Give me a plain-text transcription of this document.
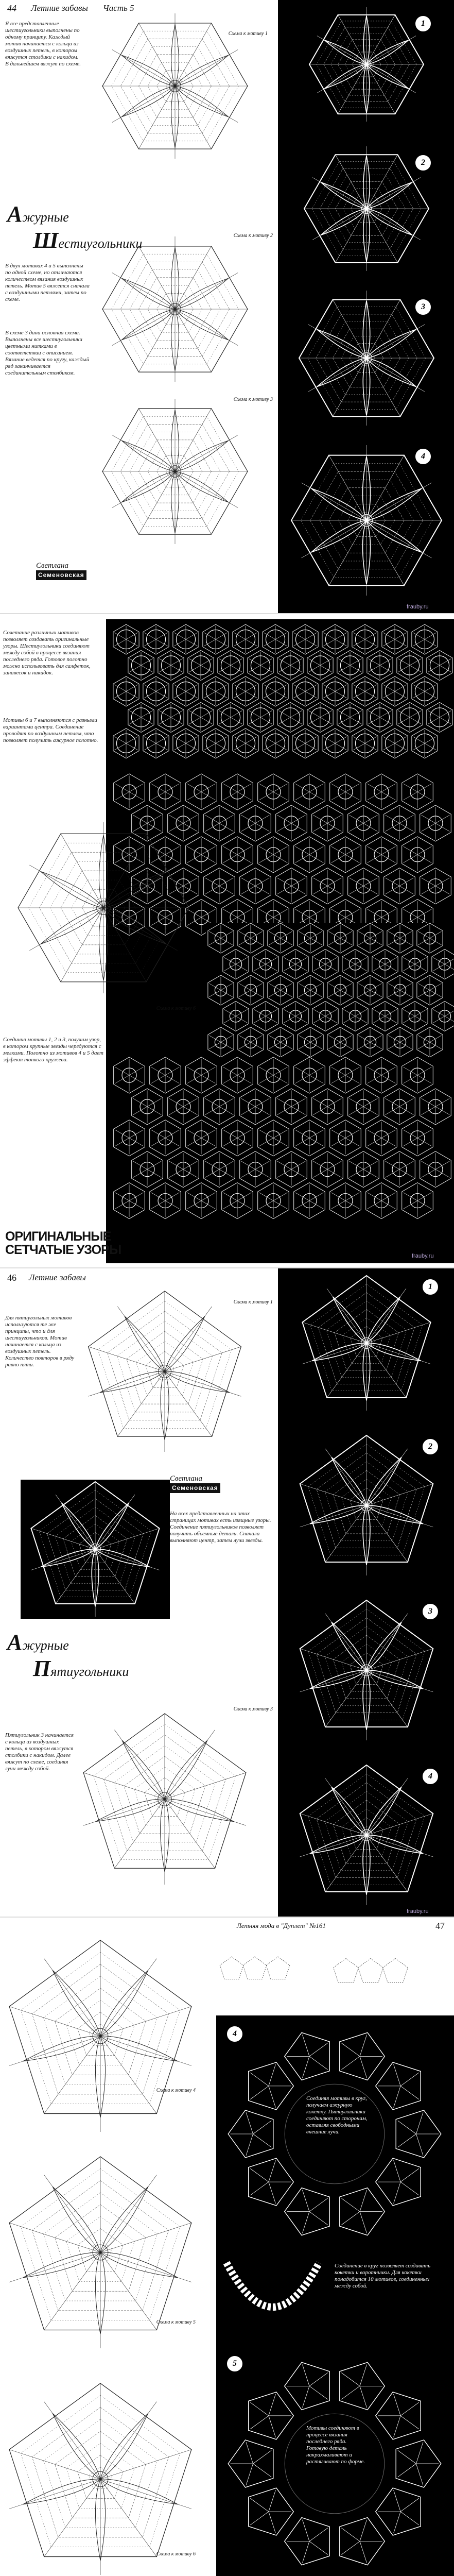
44 Летние забавы Часть 5
1
2
3
4
Я все представленные шестиугольники выполнены по одному принципу. Каждый мотив начинается с кольца из воздушных петель, в котором вяжутся столбики с накидом. В дальнейшем вяжут по схеме.
Схема к мотиву 1
Ажурные
Шестиугольники
Схема к мотиву 2
В двух мотивах 4 и 5 выполнены по одной схеме, но отличаются количеством вязания воздушных петель. Мотив 5 вяжется сначала с воздушными петлями, затем по схеме.
В схеме 3 дана основная схема. Выполнены все шестиугольники цветными нитками в соответствии с описанием. Вязание ведется по кругу, каждый ряд заканчивается соединительным столбиком.
Схема к мотиву 3
Светлана
Семеновская
frauby.ru
Сочетание различных мотивов позволяет создавать оригинальные узоры. Шестиугольники соединяют между собой в процессе вязания последнего ряда. Готовое полотно можно использовать для салфеток, занавесок и накидок.
Мотивы 6 и 7 выполняются с разными вариантами центра. Соединение проводят по воздушным петлям, что позволяет получить ажурное полотно.
Схема к мотиву 6
Соединив мотивы 1, 2 и 3, получим узор, в котором крупные звезды чередуются с мелкими. Полотно из мотивов 4 и 5 дает эффект тонкого кружева.
ОРИГИНАЛЬНЫЕ
СЕТЧАТЫЕ УЗОРЫ	frauby.ru
46 Летние забавы
1
2
3
4
Схема к мотиву 1
Для пятиугольных мотивов используются те же принципы, что и для шестиугольников. Мотив начинается с кольца из воздушных петель. Количество повторов в ряду равно пяти.
Светлана
Семеновская
На всех представленных на этих страницах мотивах есть изящные узоры. Соединение пятиугольников позволяет получить объемные детали. Сначала выполняют центр, затем лучи звезды.
Ажурные
Пятиугольники
Схема к мотиву 3
Пятиугольник 3 начинается с кольца из воздушных петель, в котором вяжутся столбики с накидом. Далее вяжут по схеме, соединяя лучи между собой.
frauby.ru
Летняя мода в "Дуплет" №161	47
4
5
Схема к мотиву 4
Схема к мотиву 5
Схема к мотиву 6
Соединяя мотивы в круг, получаем ажурную кокетку. Пятиугольники соединяют по сторонам, оставляя свободными внешние лучи.
Соединение в круг позволяет создавать кокетки и воротнички. Для кокетки понадобится 10 мотивов, соединенных между собой.
Мотивы соединяют в процессе вязания последнего ряда. Готовую деталь накрахмаливают и растягивают по форме.
